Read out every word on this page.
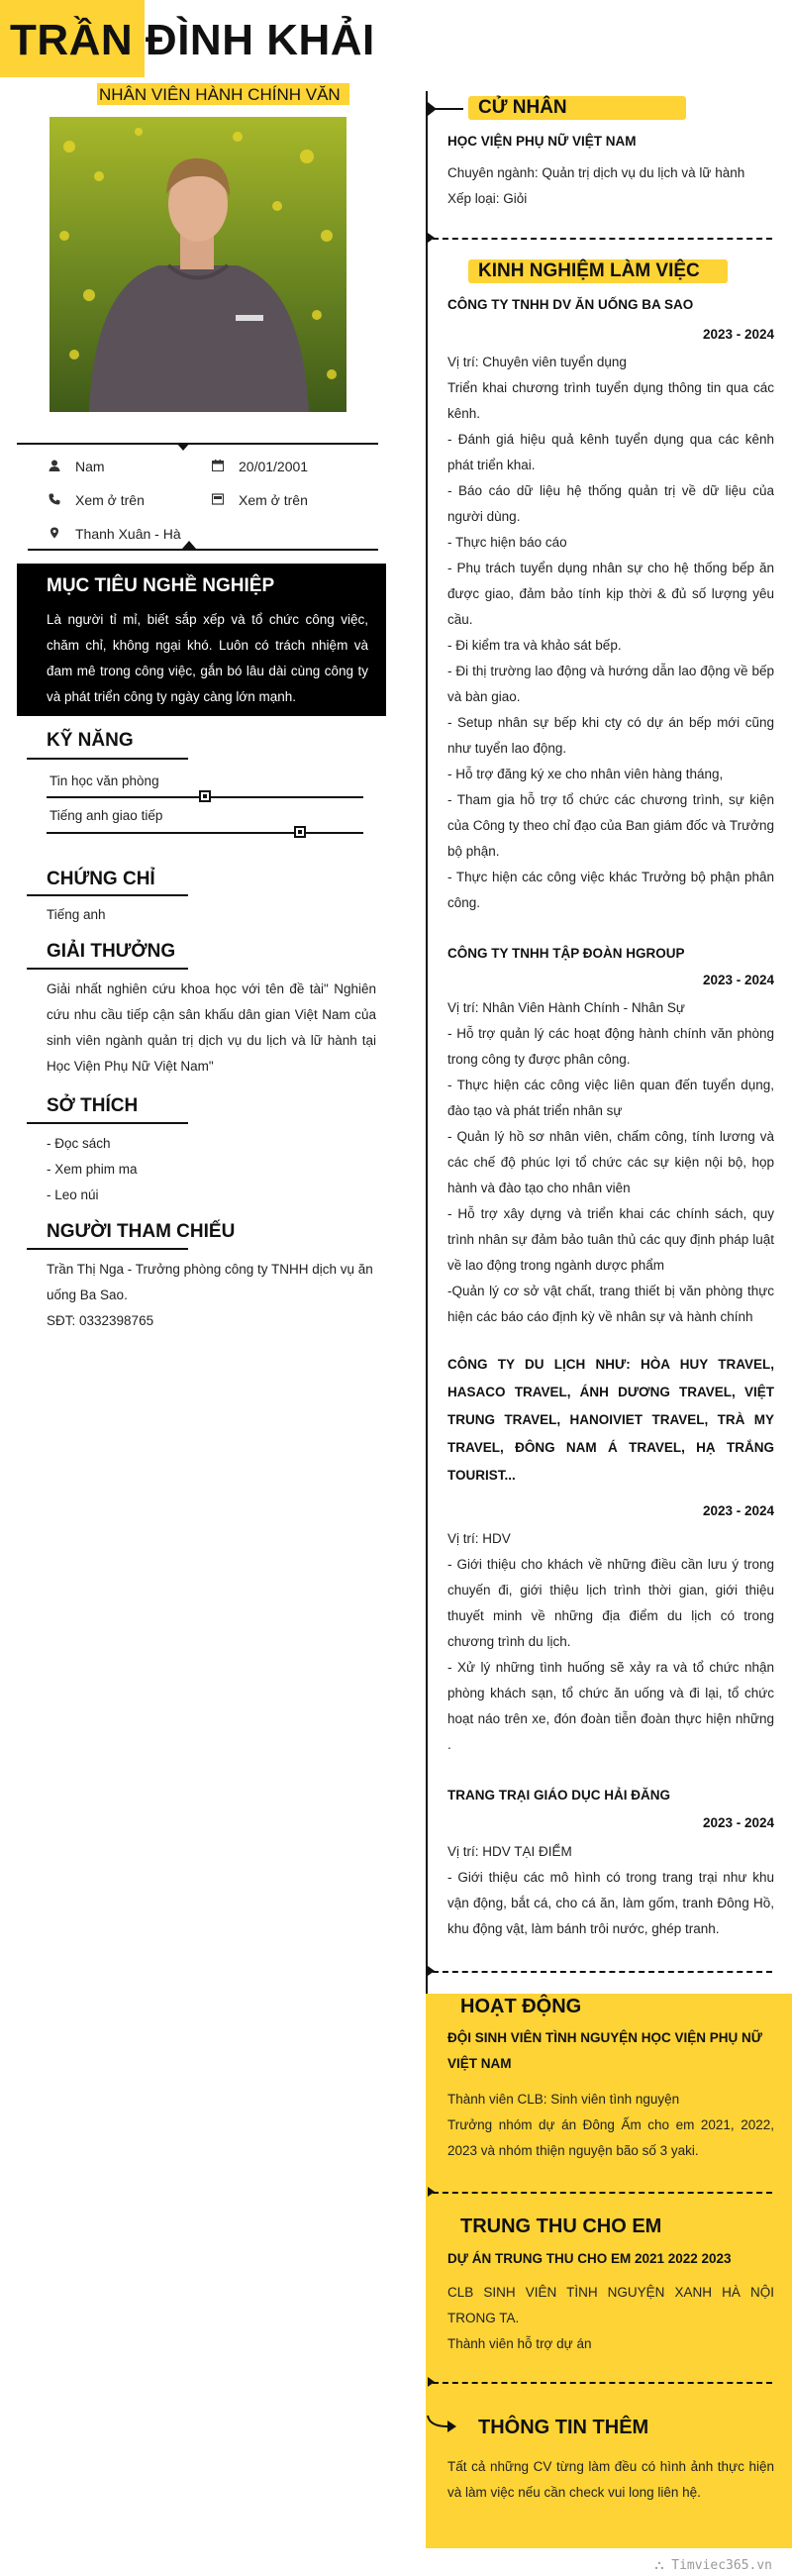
TRẦN ĐÌNH KHẢI
NHÂN VIÊN HÀNH CHÍNH VĂN
Nam	20/01/2001
Xem ở trên	Xem ở trên
Thanh Xuân - Hà
MỤC TIÊU NGHỀ NGHIỆP
Là người tỉ mỉ, biết sắp xếp và tổ chức công việc, chăm chỉ, không ngại khó. Luôn có trách nhiệm và đam mê trong công việc, gắn bó lâu dài cùng công ty và phát triển công ty ngày càng lớn mạnh.
KỸ NĂNG
Tin học văn phòng
Tiếng anh giao tiếp
CHỨNG CHỈ
Tiếng anh
GIẢI THƯỞNG
Giải nhất nghiên cứu khoa học với tên đề tài" Nghiên cứu nhu cầu tiếp cận sân khấu dân gian Việt Nam của sinh viên ngành quản trị dịch vụ du lịch và lữ hành tại Học Viện Phụ Nữ Việt Nam"
SỞ THÍCH
- Đọc sách
- Xem phim ma
- Leo núi
NGƯỜI THAM CHIẾU
Trần Thị Nga - Trưởng phòng công ty TNHH dịch vụ ăn uống Ba Sao.
SĐT: 0332398765
CỬ NHÂN
HỌC VIỆN PHỤ NỮ VIỆT NAM
Chuyên ngành: Quản trị dịch vụ du lịch và lữ hành
Xếp loại: Giỏi
KINH NGHIỆM LÀM VIỆC
CÔNG TY TNHH DV ĂN UỐNG BA SAO
2023 - 2024
Vị trí: Chuyên viên tuyển dụng
Triển khai chương trình tuyển dụng thông tin qua các kênh.
- Đánh giá hiệu quả kênh tuyển dụng qua các kênh phát triển khai.
- Báo cáo dữ liệu hệ thống quản trị về dữ liệu của người dùng.
- Thực hiện báo cáo
- Phụ trách tuyển dụng nhân sự cho hệ thống bếp ăn được giao, đảm bảo tính kịp thời & đủ số lượng yêu cầu.
- Đi kiểm tra và khảo sát bếp.
- Đi thị trường lao động và hướng dẫn lao động về bếp và bàn giao.
- Setup nhân sự bếp khi cty có dự án bếp mới cũng như tuyển lao động.
- Hỗ trợ đăng ký xe cho nhân viên hàng tháng,
- Tham gia hỗ trợ tổ chức các chương trình, sự kiện của Công ty theo chỉ đạo của Ban giám đốc và Trưởng bộ phận.
- Thực hiện các công việc khác Trưởng bộ phận phân công.
CÔNG TY TNHH TẬP ĐOÀN HGROUP
2023 - 2024
Vị trí: Nhân Viên Hành Chính - Nhân Sự
- Hỗ trợ quản lý các hoạt động hành chính văn phòng trong công ty được phân công.
- Thực hiện các công việc liên quan đến tuyển dụng, đào tạo và phát triển nhân sự
- Quản lý hồ sơ nhân viên, chấm công, tính lương và các chế độ phúc lợi tổ chức các sự kiện nội bộ, họp hành và đào tạo cho nhân viên
- Hỗ trợ xây dựng và triển khai các chính sách, quy trình nhân sự đảm bảo tuân thủ các quy định pháp luật về lao động trong ngành dược phẩm
-Quản lý cơ sở vật chất, trang thiết bị văn phòng thực hiện các báo cáo định kỳ về nhân sự và hành chính
CÔNG TY DU LỊCH NHƯ: HÒA HUY TRAVEL, HASACO TRAVEL, ÁNH DƯƠNG TRAVEL, VIỆT TRUNG TRAVEL, HANOIVIET TRAVEL, TRÀ MY TRAVEL, ĐÔNG NAM Á TRAVEL, HẠ TRẮNG TOURIST...
2023 - 2024
Vị trí: HDV
- Giới thiệu cho khách về những điều cần lưu ý trong chuyến đi, giới thiệu lịch trình thời gian, giới thiệu thuyết minh về những địa điểm du lịch có trong chương trình du lịch.
- Xử lý những tình huống sẽ xảy ra và tổ chức nhận phòng khách sạn, tổ chức ăn uống và đi lại, tổ chức hoạt náo trên xe, đón đoàn tiễn đoàn thực hiện những .
TRANG TRẠI GIÁO DỤC HẢI ĐĂNG
2023 - 2024
Vị trí: HDV TẠI ĐIỂM
- Giới thiệu các mô hình có trong trang trại như khu vận động, bắt cá, cho cá ăn, làm gốm, tranh Đông Hồ, khu động vật, làm bánh trôi nước, ghép tranh.
HOẠT ĐỘNG
ĐỘI SINH VIÊN TÌNH NGUYỆN HỌC VIỆN PHỤ NỮ VIỆT NAM
Thành viên CLB: Sinh viên tình nguyện
Trưởng nhóm dự án Đông Ấm cho em 2021, 2022, 2023 và nhóm thiện nguyện bão số 3 yaki.
TRUNG THU CHO EM
DỰ ÁN TRUNG THU CHO EM 2021 2022 2023
CLB SINH VIÊN TÌNH NGUYỆN XANH HÀ NỘI TRONG TA.
Thành viên hỗ trợ dự án
THÔNG TIN THÊM
Tất cả những CV từng làm đều có hình ảnh thực hiện và làm việc nếu cần check vui long liên hệ.
⛬ Timviec365.vn
